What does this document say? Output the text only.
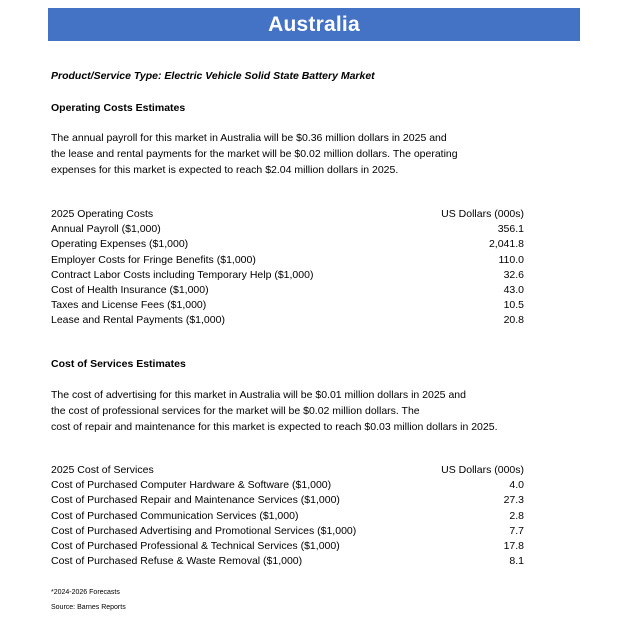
Australia
Product/Service Type: Electric Vehicle Solid State Battery Market
Operating Costs Estimates
The annual payroll for this market in Australia will be $0.36 million dollars in 2025 and
the lease and rental payments for the market will be $0.02 million dollars. The operating
expenses for this market is expected to reach $2.04 million dollars in 2025.
2025 Operating Costs	US Dollars (000s)
Annual Payroll ($1,000)	356.1
Operating Expenses ($1,000)	2,041.8
Employer Costs for Fringe Benefits ($1,000)	110.0
Contract Labor Costs including Temporary Help ($1,000)	32.6
Cost of Health Insurance ($1,000)	43.0
Taxes and License Fees ($1,000)	10.5
Lease and Rental Payments ($1,000)	20.8
Cost of Services Estimates
The cost of advertising for this market in Australia will be $0.01 million dollars in 2025 and
the cost of professional services for the market will be $0.02 million dollars. The
cost of repair and maintenance for this market is expected to reach $0.03 million dollars in 2025.
2025 Cost of Services	US Dollars (000s)
Cost of Purchased Computer Hardware & Software ($1,000)	4.0
Cost of Purchased Repair and Maintenance Services ($1,000)	27.3
Cost of Purchased Communication Services ($1,000)	2.8
Cost of Purchased Advertising and Promotional Services ($1,000)	7.7
Cost of Purchased Professional & Technical Services ($1,000)	17.8
Cost of Purchased Refuse & Waste Removal ($1,000)	8.1
*2024-2026 Forecasts
Source: Barnes Reports
